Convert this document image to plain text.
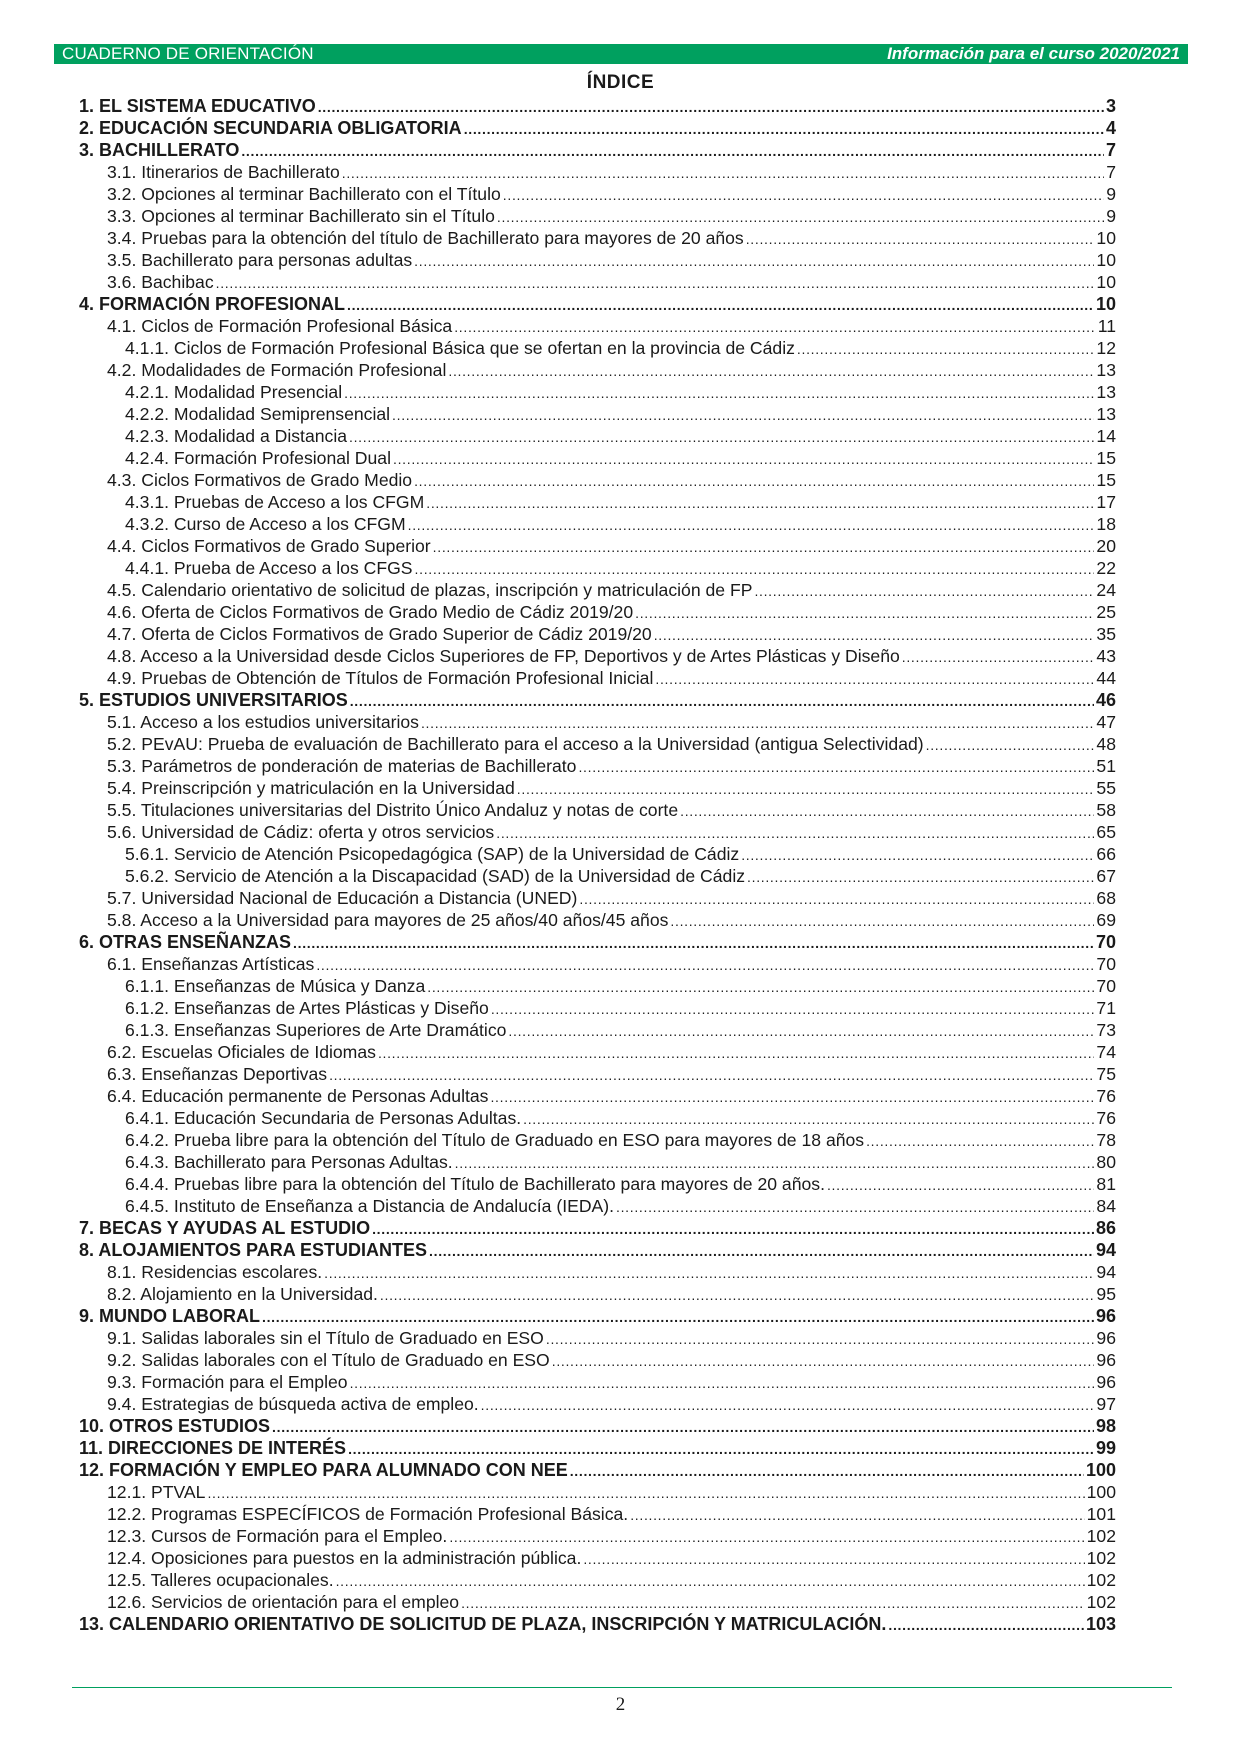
CUADERNO DE ORIENTACIÓN	Información para el curso 2020/2021
ÍNDICE
1. EL SISTEMA EDUCATIVO . . .	3
2. EDUCACIÓN SECUNDARIA OBLIGATORIA . . .	4
3. BACHILLERATO . . .	7
3.1. Itinerarios de Bachillerato . . .	7
3.2. Opciones al terminar Bachillerato con el Título . . .	9
3.3. Opciones al terminar Bachillerato sin el Título . . .	9
3.4. Pruebas para la obtención del título de Bachillerato para mayores de 20 años . . .	10
3.5. Bachillerato para personas adultas . . .	10
3.6. Bachibac . . .	10
4. FORMACIÓN PROFESIONAL . . .	10
4.1. Ciclos de Formación Profesional Básica . . .	11
4.1.1. Ciclos de Formación Profesional Básica que se ofertan en la provincia de Cádiz . . .	12
4.2. Modalidades de Formación Profesional . . .	13
4.2.1. Modalidad Presencial . . .	13
4.2.2. Modalidad Semiprensencial . . .	13
4.2.3. Modalidad a Distancia . . .	14
4.2.4. Formación Profesional Dual . . .	15
4.3. Ciclos Formativos de Grado Medio . . .	15
4.3.1. Pruebas de Acceso a los CFGM . . .	17
4.3.2. Curso de Acceso a los CFGM . . .	18
4.4. Ciclos Formativos de Grado Superior . . .	20
4.4.1. Prueba de Acceso a los CFGS . . .	22
4.5. Calendario orientativo de solicitud de plazas, inscripción y matriculación de FP . . .	24
4.6. Oferta de Ciclos Formativos de Grado Medio de Cádiz 2019/20 . . .	25
4.7. Oferta de Ciclos Formativos de Grado Superior de Cádiz 2019/20 . . .	35
4.8. Acceso a la Universidad desde Ciclos Superiores de FP, Deportivos y de Artes Plásticas y Diseño . . .	43
4.9. Pruebas de Obtención de Títulos de Formación Profesional Inicial . . .	44
5. ESTUDIOS UNIVERSITARIOS . . .	46
5.1. Acceso a los estudios universitarios . . .	47
5.2. PEvAU: Prueba de evaluación de Bachillerato para el acceso a la Universidad (antigua Selectividad) . . .	48
5.3. Parámetros de ponderación de materias de Bachillerato . . .	51
5.4. Preinscripción y matriculación en la Universidad . . .	55
5.5. Titulaciones universitarias del Distrito Único Andaluz y notas de corte . . .	58
5.6. Universidad de Cádiz: oferta y otros servicios . . .	65
5.6.1. Servicio de Atención Psicopedagógica (SAP) de la Universidad de Cádiz . . .	66
5.6.2. Servicio de Atención a la Discapacidad (SAD) de la Universidad de Cádiz . . .	67
5.7. Universidad Nacional de Educación a Distancia (UNED) . . .	68
5.8. Acceso a la Universidad para mayores de 25 años/40 años/45 años . . .	69
6. OTRAS ENSEÑANZAS . . .	70
6.1. Enseñanzas Artísticas . . .	70
6.1.1. Enseñanzas de Música y Danza . . .	70
6.1.2. Enseñanzas de Artes Plásticas y Diseño . . .	71
6.1.3. Enseñanzas Superiores de Arte Dramático . . .	73
6.2. Escuelas Oficiales de Idiomas . . .	74
6.3. Enseñanzas Deportivas . . .	75
6.4. Educación permanente de Personas Adultas . . .	76
6.4.1. Educación Secundaria de Personas Adultas. . . .	76
6.4.2. Prueba libre para la obtención del Título de Graduado en ESO para mayores de 18 años . . .	78
6.4.3. Bachillerato para Personas Adultas. . . .	80
6.4.4. Pruebas libre para la obtención del Título de Bachillerato para mayores de 20 años. . . .	81
6.4.5. Instituto de Enseñanza a Distancia de Andalucía (IEDA). . . .	84
7. BECAS Y AYUDAS AL ESTUDIO . . .	86
8. ALOJAMIENTOS PARA ESTUDIANTES . . .	94
8.1. Residencias escolares. . . .	94
8.2. Alojamiento en la Universidad. . . .	95
9. MUNDO LABORAL . . .	96
9.1. Salidas laborales sin el Título de Graduado en ESO . . .	96
9.2. Salidas laborales con el Título de Graduado en ESO . . .	96
9.3. Formación para el Empleo . . .	96
9.4. Estrategias de búsqueda activa de empleo. . . .	97
10. OTROS ESTUDIOS . . .	98
11. DIRECCIONES DE INTERÉS . . .	99
12. FORMACIÓN Y EMPLEO PARA ALUMNADO CON NEE . . .	100
12.1. PTVAL . . .	100
12.2. Programas ESPECÍFICOS de Formación Profesional Básica. . . .	101
12.3. Cursos de Formación para el Empleo. . . .	102
12.4. Oposiciones para puestos en la administración pública. . . .	102
12.5. Talleres ocupacionales. . . .	102
12.6. Servicios de orientación para el empleo . . .	102
13. CALENDARIO ORIENTATIVO DE SOLICITUD DE PLAZA, INSCRIPCIÓN Y MATRICULACIÓN. . . .	103
2
